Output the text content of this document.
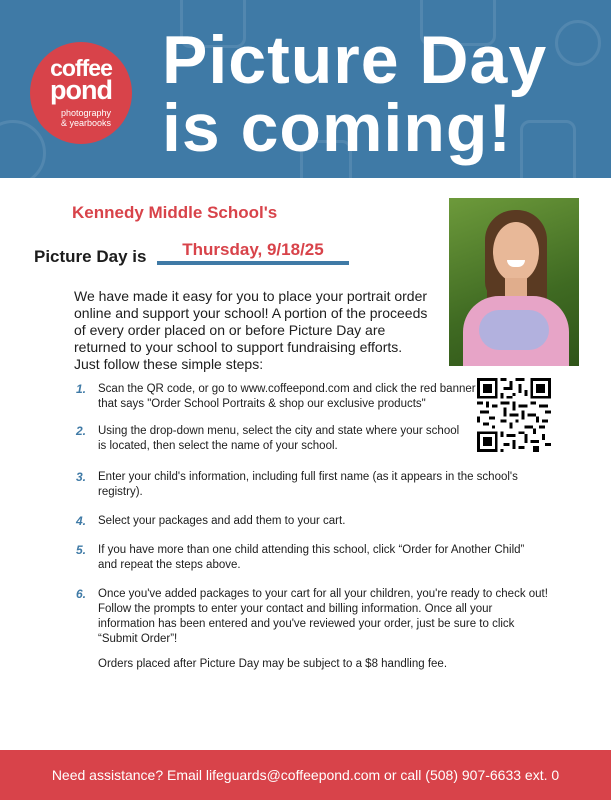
coffee
pond
photography
& yearbooks
Picture Day
is coming!
Kennedy Middle School's
Picture Day is	Thursday, 9/18/25
We have made it easy for you to place your portrait order online and support your school! A portion of the proceeds of every order placed on or before Picture Day are returned to your school to support fundraising efforts. Just follow these simple steps:
1. Scan the QR code, or go to www.coffeepond.com and click the red banner that says "Order School Portraits & shop our exclusive products"
2. Using the drop-down menu, select the city and state where your school is located, then select the name of your school.
3. Enter your child's information, including full first name (as it appears in the school's registry).
4. Select your packages and add them to your cart.
5. If you have more than one child attending this school, click “Order for Another Child” and repeat the steps above.
6. Once you've added packages to your cart for all your children, you're ready to check out! Follow the prompts to enter your contact and billing information. Once all your information has been entered and you've reviewed your order, just be sure to click “Submit Order”!
Orders placed after Picture Day may be subject to a $8 handling fee.
Need assistance? Email lifeguards@coffeepond.com or call (508) 907-6633 ext. 0
